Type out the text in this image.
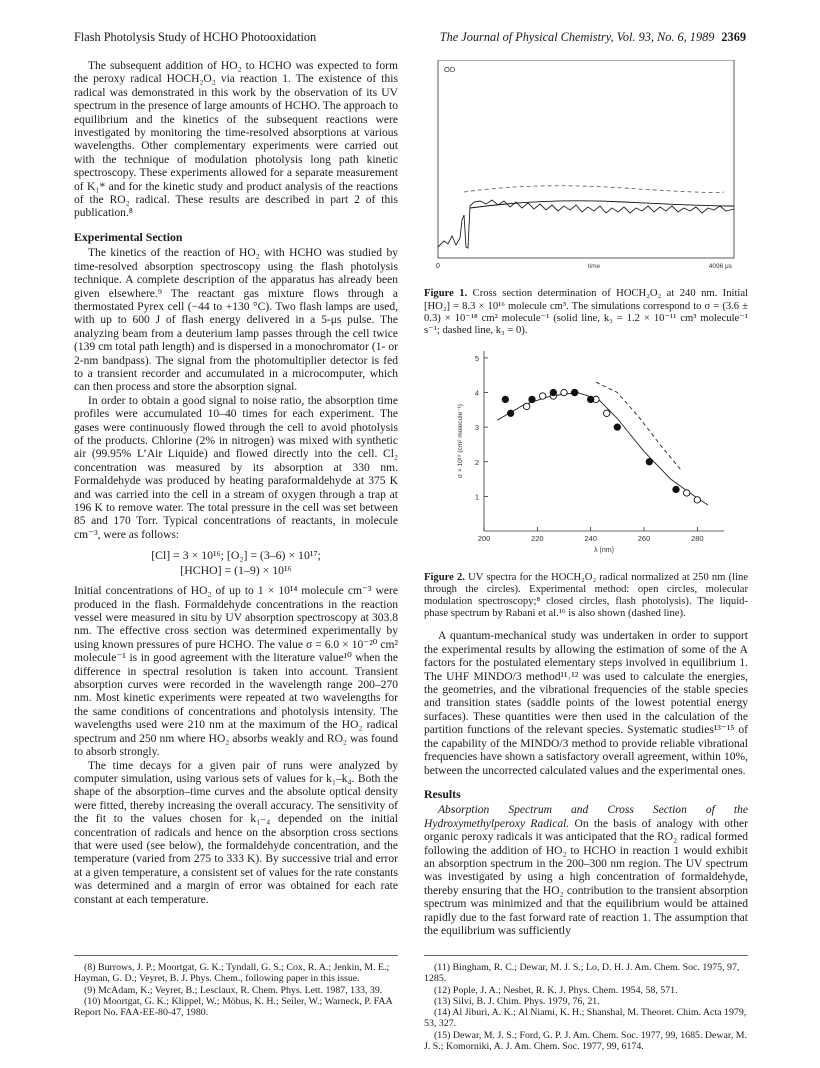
Flash Photolysis Study of HCHO Photooxidation	The Journal of Physical Chemistry, Vol. 93, No. 6, 1989 2369

The subsequent addition of HO₂ to HCHO was expected to form the peroxy radical HOCH₂O₂ via reaction 1. The existence of this radical was demonstrated in this work by the observation of its UV spectrum in the presence of large amounts of HCHO. The approach to equilibrium and the kinetics of the subsequent reactions were investigated by monitoring the time-resolved absorptions at various wavelengths. Other complementary experiments were carried out with the technique of modulation photolysis long path kinetic spectroscopy. These experiments allowed for a separate measurement of K₁* and for the kinetic study and product analysis of the reactions of the RO₂ radical. These results are described in part 2 of this publication.⁸

Experimental Section

The kinetics of the reaction of HO₂ with HCHO was studied by time-resolved absorption spectroscopy using the flash photolysis technique. A complete description of the apparatus has already been given elsewhere.⁹ The reactant gas mixture flows through a thermostated Pyrex cell (−44 to +130 °C). Two flash lamps are used, with up to 600 J of flash energy delivered in a 5-μs pulse. The analyzing beam from a deuterium lamp passes through the cell twice (139 cm total path length) and is dispersed in a monochromator (1- or 2-nm bandpass). The signal from the photomultiplier detector is fed to a transient recorder and accumulated in a microcomputer, which can then process and store the absorption signal.

In order to obtain a good signal to noise ratio, the absorption time profiles were accumulated 10–40 times for each experiment. The gases were continuously flowed through the cell to avoid photolysis of the products. Chlorine (2% in nitrogen) was mixed with synthetic air (99.95% L’Air Liquide) and flowed directly into the cell. Cl₂ concentration was measured by its absorption at 330 nm. Formaldehyde was produced by heating paraformaldehyde at 375 K and was carried into the cell in a stream of oxygen through a trap at 196 K to remove water. The total pressure in the cell was set between 85 and 170 Torr. Typical concentrations of reactants, in molecule cm⁻³, were as follows:

[Cl] = 3 × 10¹⁶; [O₂] = (3–6) × 10¹⁷;
[HCHO] = (1–9) × 10¹⁶

Initial concentrations of HO₂ of up to 1 × 10¹⁴ molecule cm⁻³ were produced in the flash. Formaldehyde concentrations in the reaction vessel were measured in situ by UV absorption spectroscopy at 303.8 nm. The effective cross section was determined experimentally by using known pressures of pure HCHO. The value σ = 6.0 × 10⁻²⁰ cm² molecule⁻¹ is in good agreement with the literature value¹⁰ when the difference in spectral resolution is taken into account. Transient absorption curves were recorded in the wavelength range 200–270 nm. Most kinetic experiments were repeated at two wavelengths for the same conditions of concentrations and photolysis intensity. The wavelengths used were 210 nm at the maximum of the HO₂ radical spectrum and 250 nm where HO₂ absorbs weakly and RO₂ was found to absorb strongly.

The time decays for a given pair of runs were analyzed by computer simulation, using various sets of values for k₁–k₄. Both the shape of the absorption–time curves and the absolute optical density were fitted, thereby increasing the overall accuracy. The sensitivity of the fit to the values chosen for k₁₋₄ depended on the initial concentration of radicals and hence on the absorption cross sections that were used (see below), the formaldehyde concentration, and the temperature (varied from 275 to 333 K). By successive trial and error at a given temperature, a consistent set of values for the rate constants was determined and a margin of error was obtained for each rate constant at each temperature.

OD
0	time	4096 μs

Figure 1. Cross section determination of HOCH₂O₂ at 240 nm. Initial [HO₂] = 8.3 × 10¹⁶ molecule cm³. The simulations correspond to σ = (3.6 ± 0.3) × 10⁻¹⁸ cm² molecule⁻¹ (solid line, k₃ = 1.2 × 10⁻¹¹ cm³ molecule⁻¹ s⁻¹; dashed line, k₃ = 0).

200	220	240	260	280
1
2
3
4
5
λ (nm)
σ × 10¹⁸ (cm² molecule⁻¹)

Figure 2. UV spectra for the HOCH₂O₂ radical normalized at 250 nm (line through the circles). Experimental method: open circles, molecular modulation spectroscopy;⁸ closed circles, flash photolysis). The liquid-phase spectrum by Rabani et al.¹⁶ is also shown (dashed line).

A quantum-mechanical study was undertaken in order to support the experimental results by allowing the estimation of some of the A factors for the postulated elementary steps involved in equilibrium 1. The UHF MINDO/3 method¹¹˒¹² was used to calculate the energies, the geometries, and the vibrational frequencies of the stable species and transition states (saddle points of the lowest potential energy surfaces). These quantities were then used in the calculation of the partition functions of the relevant species. Systematic studies¹³⁻¹⁵ of the capability of the MINDO/3 method to provide reliable vibrational frequencies have shown a satisfactory overall agreement, within 10%, between the uncorrected calculated values and the experimental ones.

Results

Absorption Spectrum and Cross Section of the Hydroxymethylperoxy Radical. On the basis of analogy with other organic peroxy radicals it was anticipated that the RO₂ radical formed following the addition of HO₂ to HCHO in reaction 1 would exhibit an absorption spectrum in the 200–300 nm region. The UV spectrum was investigated by using a high concentration of formaldehyde, thereby ensuring that the HO₂ contribution to the transient absorption spectrum was minimized and that the equilibrium would be attained rapidly due to the fast forward rate of reaction 1. The assumption that the equilibrium was sufficiently

(8) Burrows, J. P.; Moortgat, G. K.; Tyndall, G. S.; Cox, R. A.; Jenkin, M. E.; Hayman, G. D.; Veyret, B. J. Phys. Chem., following paper in this issue.
(9) McAdam, K.; Veyret, B.; Lesclaux, R. Chem. Phys. Lett. 1987, 133, 39.
(10) Moortgat, G. K.; Klippel, W.; Möbus, K. H.; Seiler, W.; Warneck, P. FAA Report No. FAA-EE-80-47, 1980.
(11) Bingham, R. C.; Dewar, M. J. S.; Lo, D. H. J. Am. Chem. Soc. 1975, 97, 1285.
(12) Pople, J. A.; Nesbet, R. K. J. Phys. Chem. 1954, 58, 571.
(13) Silvi, B. J. Chim. Phys. 1979, 76, 21.
(14) Al Jiburi, A. K.; Al Niami, K. H.; Shanshal, M. Theoret. Chim. Acta 1979, 53, 327.
(15) Dewar, M. J. S.; Ford, G. P. J. Am. Chem. Soc. 1977, 99, 1685. Dewar, M. J. S.; Komorniki, A. J. Am. Chem. Soc. 1977, 99, 6174.
